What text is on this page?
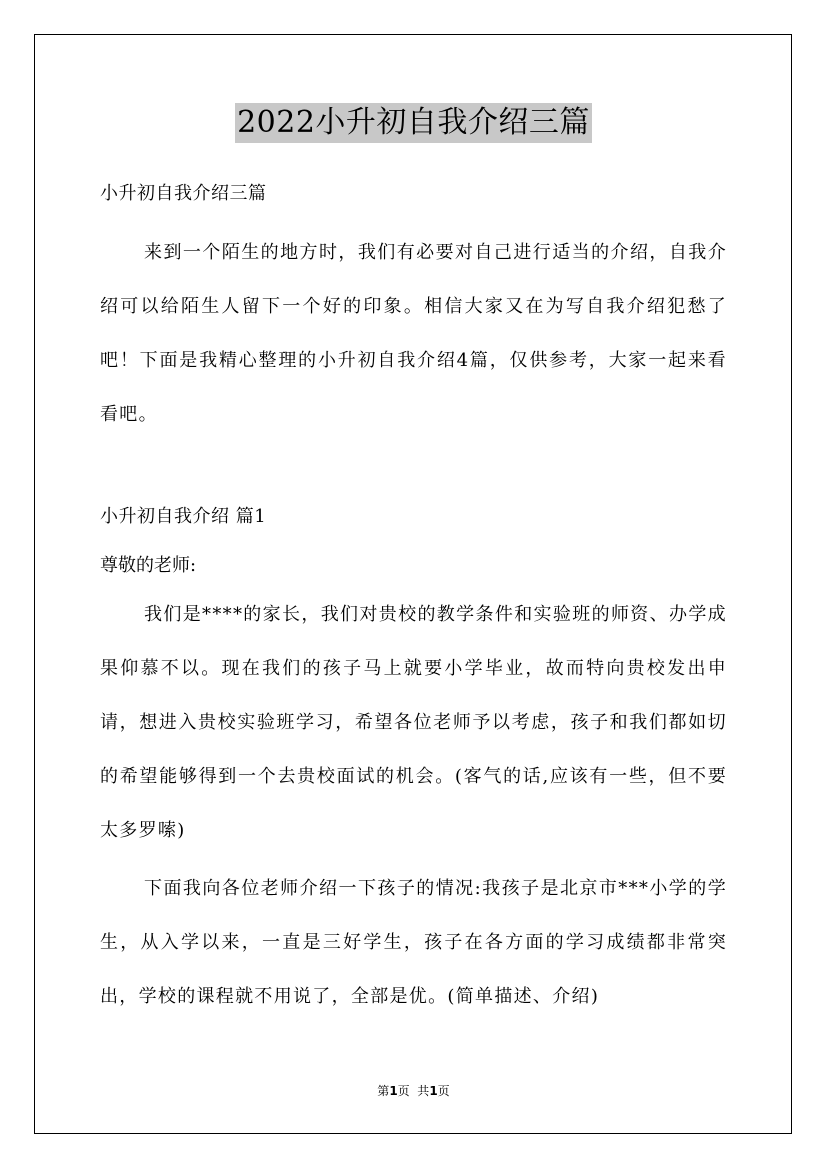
2022小升初自我介绍三篇
小升初自我介绍三篇

来到一个陌生的地方时，我们有必要对自己进行适当的介绍，自我介绍可以给陌生人留下一个好的印象。相信大家又在为写自我介绍犯愁了吧！下面是我精心整理的小升初自我介绍4篇，仅供参考，大家一起来看看吧。

小升初自我介绍 篇1
尊敬的老师:

我们是****的家长，我们对贵校的教学条件和实验班的师资、办学成果仰慕不以。现在我们的孩子马上就要小学毕业，故而特向贵校发出申请，想进入贵校实验班学习，希望各位老师予以考虑，孩子和我们都如切的希望能够得到一个去贵校面试的机会。(客气的话,应该有一些，但不要太多罗嗦)

下面我向各位老师介绍一下孩子的情况:我孩子是北京市***小学的学生，从入学以来，一直是三好学生，孩子在各方面的学习成绩都非常突出，学校的课程就不用说了，全部是优。(简单描述、介绍)

第1页  共1页
